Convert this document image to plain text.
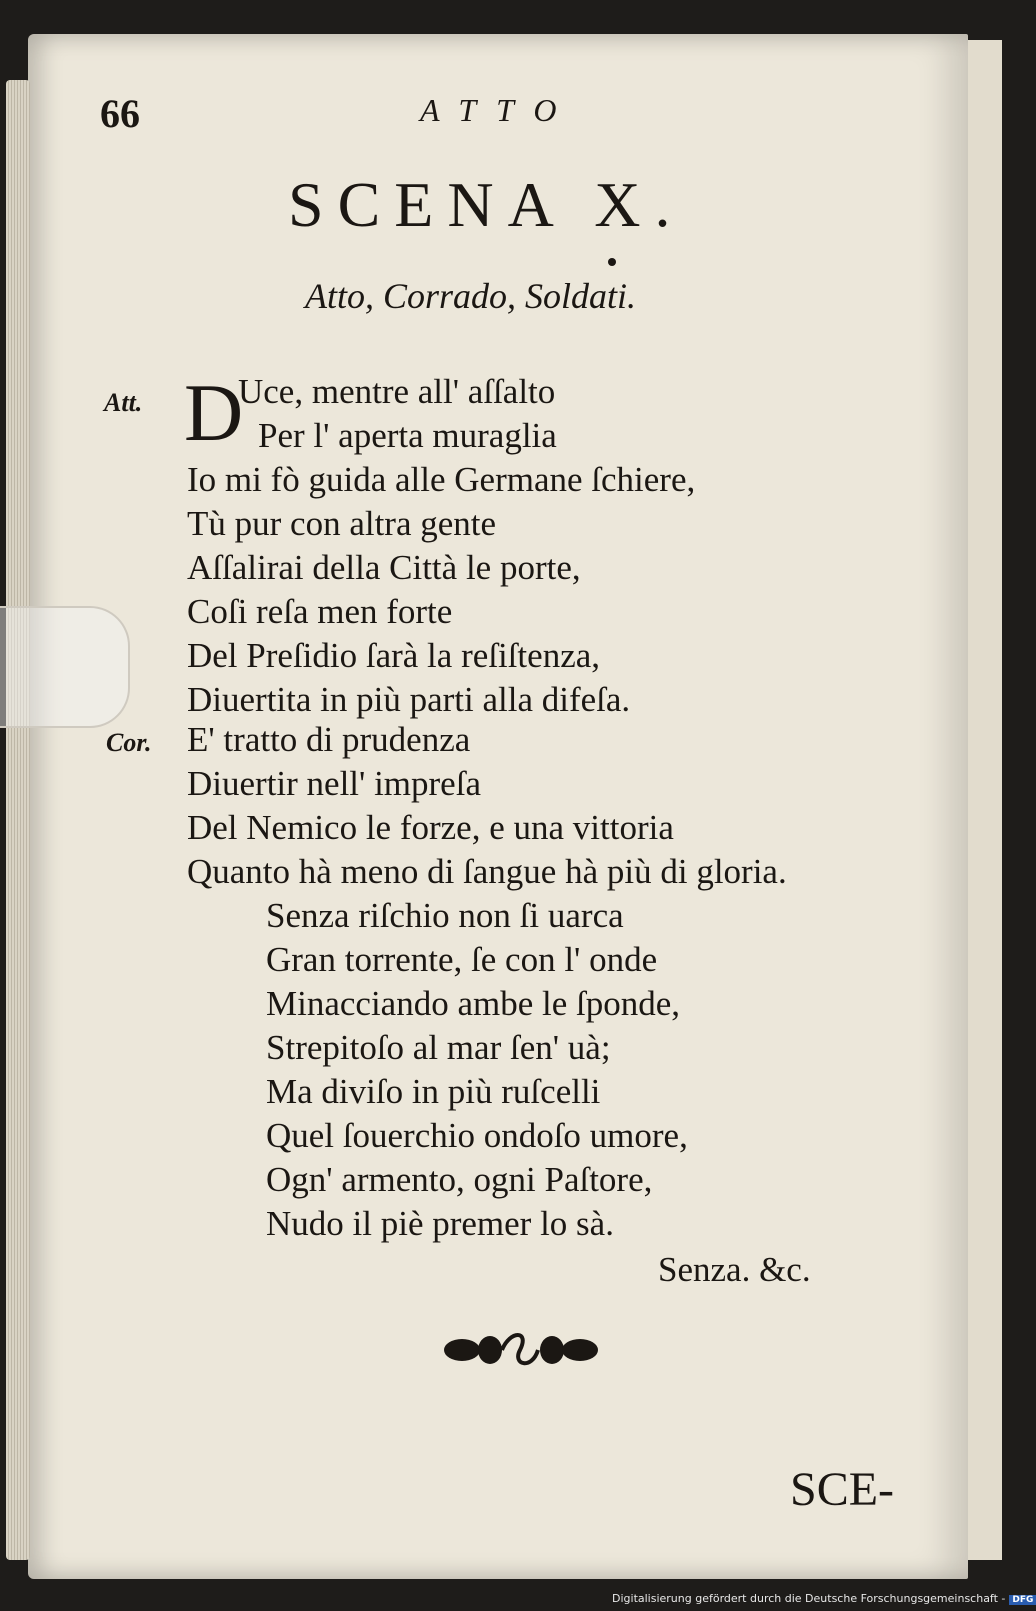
66	ATTO
SCENA X.
Atto, Corrado, Soldati.
Att. D
Uce, mentre all' aſſalto
Per l' aperta muraglia
Io mi fò guida alle Germane ſchiere,
Tù pur con altra gente
Aſſalirai della Città le porte,
Coſi reſa men forte
Del Preſidio ſarà la reſiſtenza,
Diuertita in più parti alla difeſa.
Cor. E' tratto di prudenza
Diuertir nell' impreſa
Del Nemico le forze, e una vittoria
Quanto hà meno di ſangue hà più di gloria.
Senza riſchio non ſi uarca
Gran torrente, ſe con l' onde
Minacciando ambe le ſponde,
Strepitoſo al mar ſen' uà;
Ma diviſo in più ruſcelli
Quel ſouerchio ondoſo umore,
Ogn' armento, ogni Paſtore,
Nudo il piè premer lo sà.
Senza. &c.
SCE-
Digitalisierung gefördert durch die Deutsche Forschungsgemeinschaft - DFG
